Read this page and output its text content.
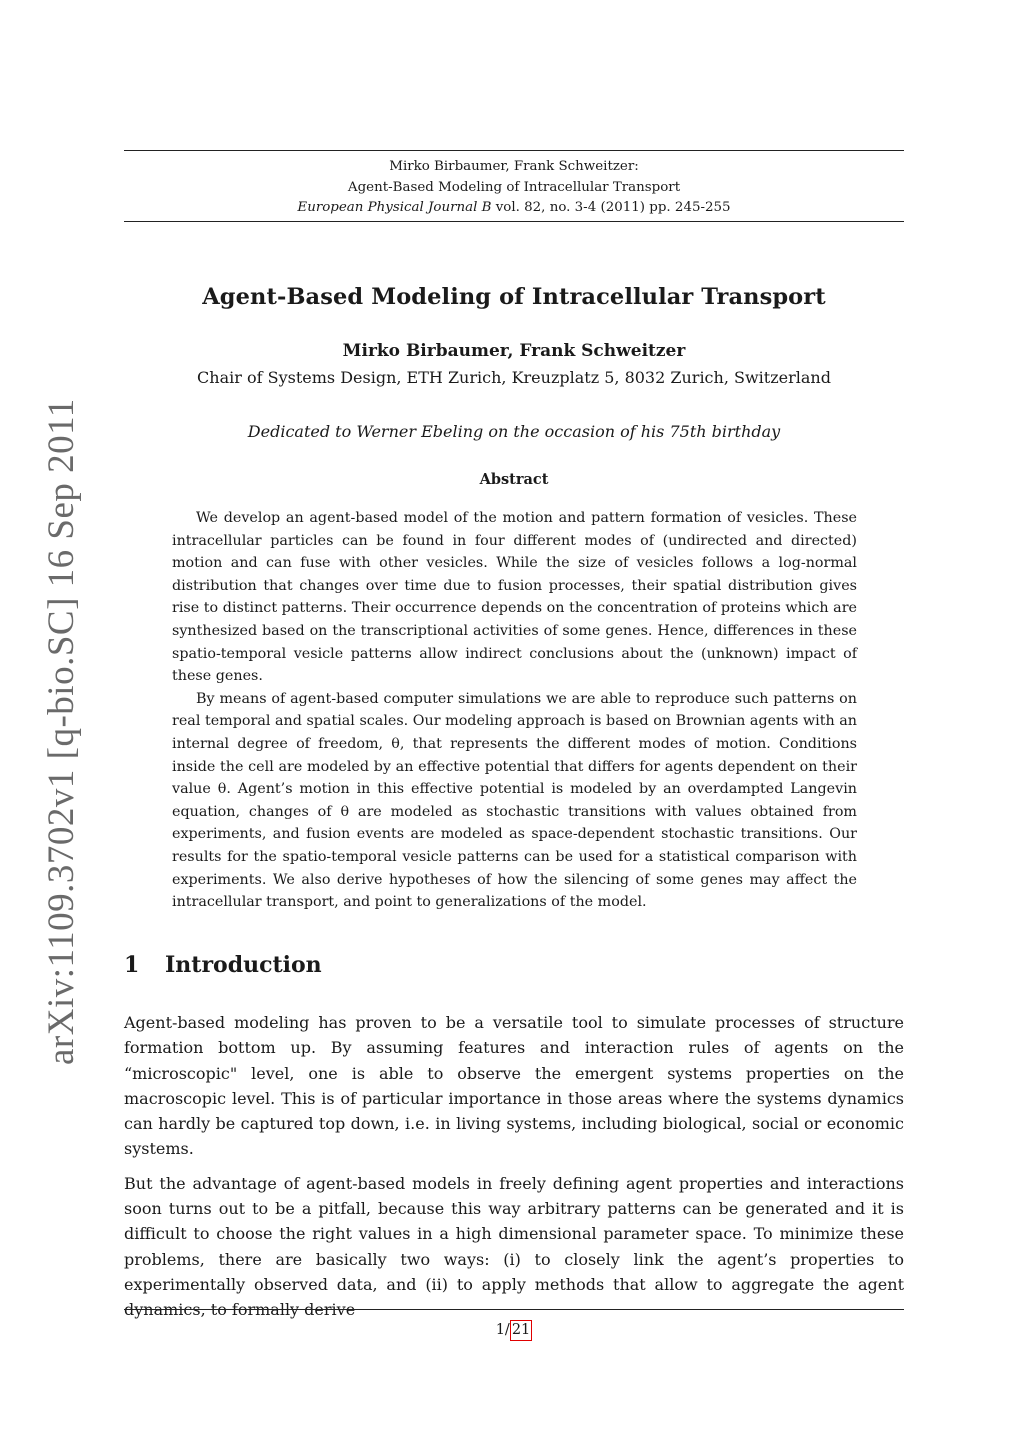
Mirko Birbaumer, Frank Schweitzer:
Agent-Based Modeling of Intracellular Transport
European Physical Journal B vol. 82, no. 3-4 (2011) pp. 245-255
Agent-Based Modeling of Intracellular Transport
Mirko Birbaumer, Frank Schweitzer
Chair of Systems Design, ETH Zurich, Kreuzplatz 5, 8032 Zurich, Switzerland
Dedicated to Werner Ebeling on the occasion of his 75th birthday
Abstract

We develop an agent-based model of the motion and pattern formation of vesicles. These intracellular particles can be found in four different modes of (undirected and directed) motion and can fuse with other vesicles. While the size of vesicles follows a log-normal distribution that changes over time due to fusion processes, their spatial distribution gives rise to distinct patterns. Their occurrence depends on the concentration of proteins which are synthesized based on the transcriptional activities of some genes. Hence, differences in these spatio-temporal vesicle patterns allow indirect conclusions about the (unknown) impact of these genes.

By means of agent-based computer simulations we are able to reproduce such patterns on real temporal and spatial scales. Our modeling approach is based on Brownian agents with an internal degree of freedom, θ, that represents the different modes of motion. Conditions inside the cell are modeled by an effective potential that differs for agents dependent on their value θ. Agent’s motion in this effective potential is modeled by an overdampted Langevin equation, changes of θ are modeled as stochastic transitions with values obtained from experiments, and fusion events are modeled as space-dependent stochastic transitions. Our results for the spatio-temporal vesicle patterns can be used for a statistical comparison with experiments. We also derive hypotheses of how the silencing of some genes may affect the intracellular transport, and point to generalizations of the model.

1 Introduction

Agent-based modeling has proven to be a versatile tool to simulate processes of structure formation bottom up. By assuming features and interaction rules of agents on the “microscopic" level, one is able to observe the emergent systems properties on the macroscopic level. This is of particular importance in those areas where the systems dynamics can hardly be captured top down, i.e. in living systems, including biological, social or economic systems.

But the advantage of agent-based models in freely defining agent properties and interactions soon turns out to be a pitfall, because this way arbitrary patterns can be generated and it is difficult to choose the right values in a high dimensional parameter space. To minimize these problems, there are basically two ways: (i) to closely link the agent’s properties to experimentally observed data, and (ii) to apply methods that allow to aggregate the agent dynamics, to formally derive

1/ 21
arXiv:1109.3702v1 [q-bio.SC] 16 Sep 2011
